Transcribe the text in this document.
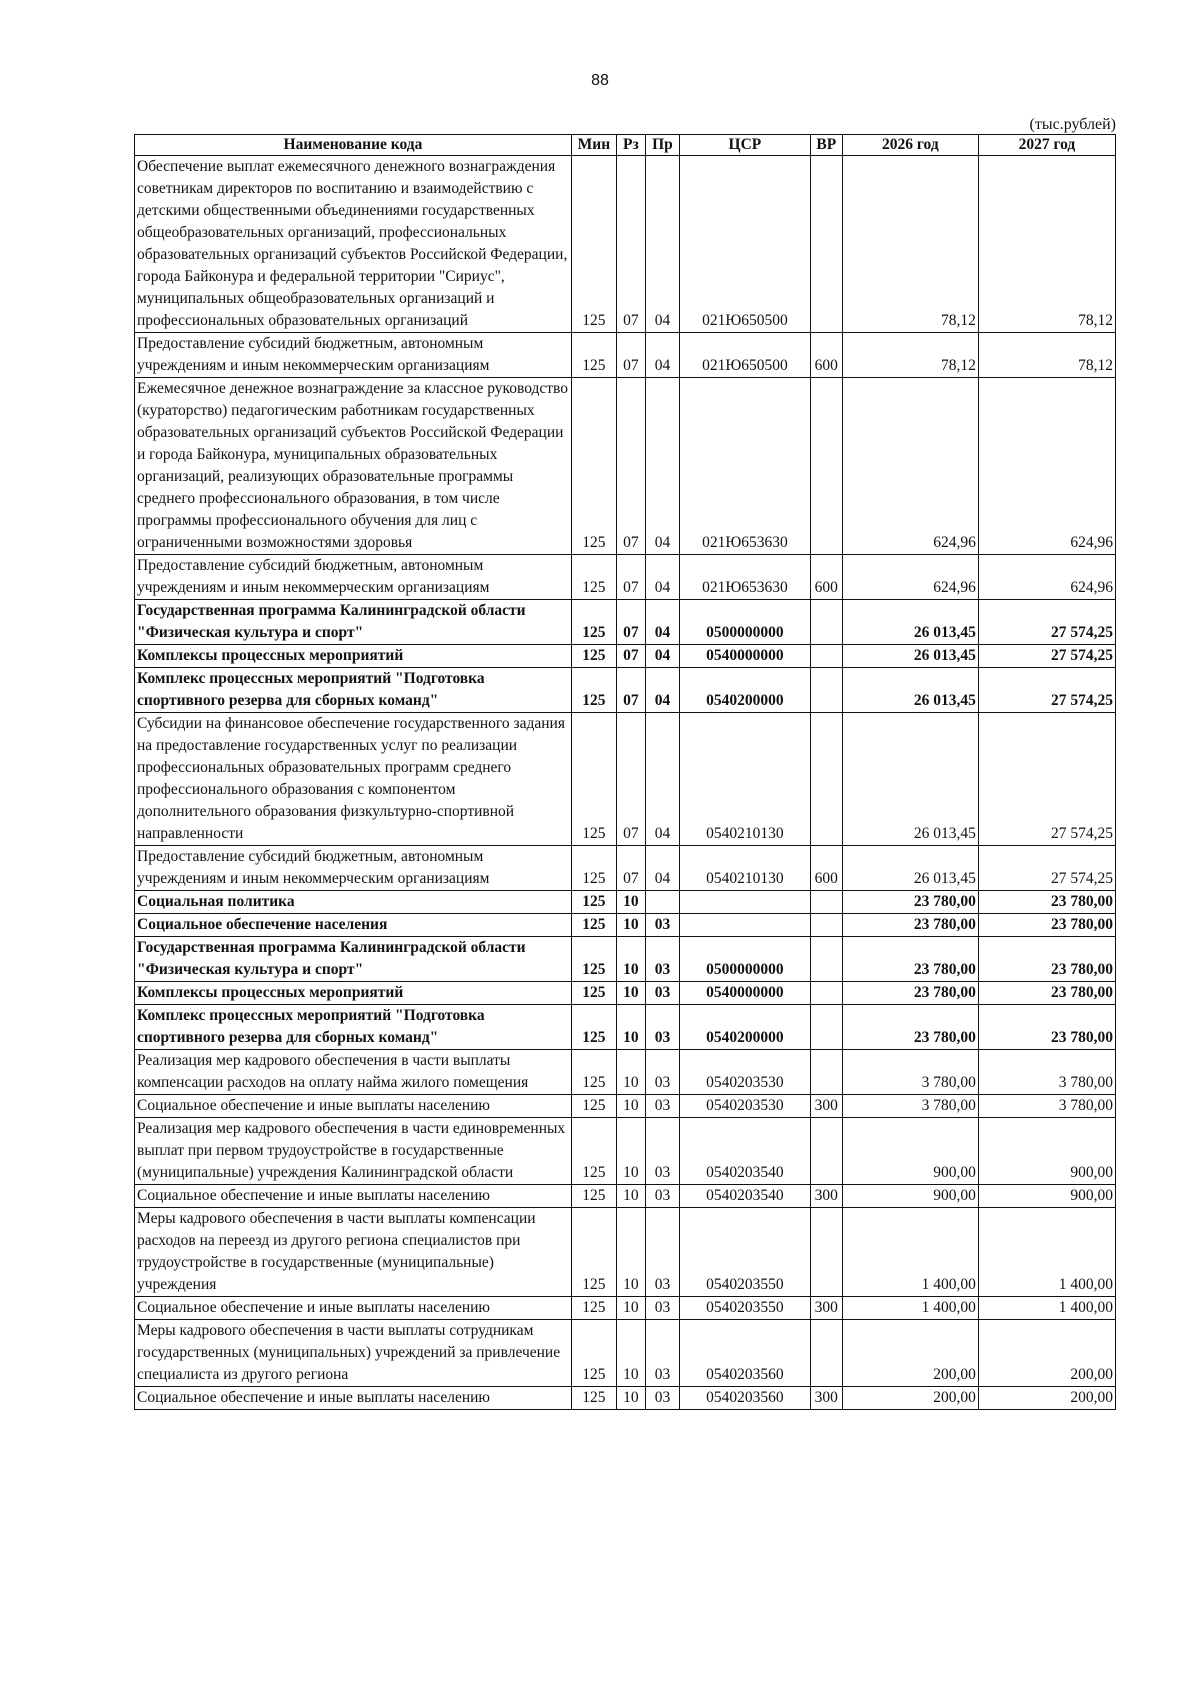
88
(тыс.рублей)
Наименование кода	Мин	Рз	Пр	ЦСР	ВР	2026 год	2027 год
Обеспечение выплат ежемесячного денежного вознаграждения советникам директоров по воспитанию и взаимодействию с детскими общественными объединениями государственных общеобразовательных организаций, профессиональных образовательных организаций субъектов Российской Федерации, города Байконура и федеральной территории "Сириус", муниципальных общеобразовательных организаций и профессиональных образовательных организаций	125	07	04	021Ю650500		78,12	78,12
Предоставление субсидий бюджетным, автономным учреждениям и иным некоммерческим организациям	125	07	04	021Ю650500	600	78,12	78,12
Ежемесячное денежное вознаграждение за классное руководство (кураторство) педагогическим работникам государственных образовательных организаций субъектов Российской Федерации и города Байконура, муниципальных образовательных организаций, реализующих образовательные программы среднего профессионального образования, в том числе программы профессионального обучения для лиц с ограниченными возможностями здоровья	125	07	04	021Ю653630		624,96	624,96
Предоставление субсидий бюджетным, автономным учреждениям и иным некоммерческим организациям	125	07	04	021Ю653630	600	624,96	624,96
Государственная программа Калининградской области "Физическая культура и спорт"	125	07	04	0500000000		26 013,45	27 574,25
Комплексы процессных мероприятий	125	07	04	0540000000		26 013,45	27 574,25
Комплекс процессных мероприятий "Подготовка спортивного резерва для сборных команд"	125	07	04	0540200000		26 013,45	27 574,25
Субсидии на финансовое обеспечение государственного задания на предоставление государственных услуг по реализации профессиональных образовательных программ среднего профессионального образования с компонентом дополнительного образования физкультурно-спортивной направленности	125	07	04	0540210130		26 013,45	27 574,25
Предоставление субсидий бюджетным, автономным учреждениям и иным некоммерческим организациям	125	07	04	0540210130	600	26 013,45	27 574,25
Социальная политика	125	10				23 780,00	23 780,00
Социальное обеспечение населения	125	10	03			23 780,00	23 780,00
Государственная программа Калининградской области "Физическая культура и спорт"	125	10	03	0500000000		23 780,00	23 780,00
Комплексы процессных мероприятий	125	10	03	0540000000		23 780,00	23 780,00
Комплекс процессных мероприятий "Подготовка спортивного резерва для сборных команд"	125	10	03	0540200000		23 780,00	23 780,00
Реализация мер кадрового обеспечения в части выплаты компенсации расходов на оплату найма жилого помещения	125	10	03	0540203530		3 780,00	3 780,00
Социальное обеспечение и иные выплаты населению	125	10	03	0540203530	300	3 780,00	3 780,00
Реализация мер кадрового обеспечения в части единовременных выплат при первом трудоустройстве в государственные (муниципальные) учреждения Калининградской области	125	10	03	0540203540		900,00	900,00
Социальное обеспечение и иные выплаты населению	125	10	03	0540203540	300	900,00	900,00
Меры кадрового обеспечения в части выплаты компенсации расходов на переезд из другого региона специалистов при трудоустройстве в государственные (муниципальные) учреждения	125	10	03	0540203550		1 400,00	1 400,00
Социальное обеспечение и иные выплаты населению	125	10	03	0540203550	300	1 400,00	1 400,00
Меры кадрового обеспечения в части выплаты сотрудникам государственных (муниципальных) учреждений за привлечение специалиста из другого региона	125	10	03	0540203560		200,00	200,00
Социальное обеспечение и иные выплаты населению	125	10	03	0540203560	300	200,00	200,00
